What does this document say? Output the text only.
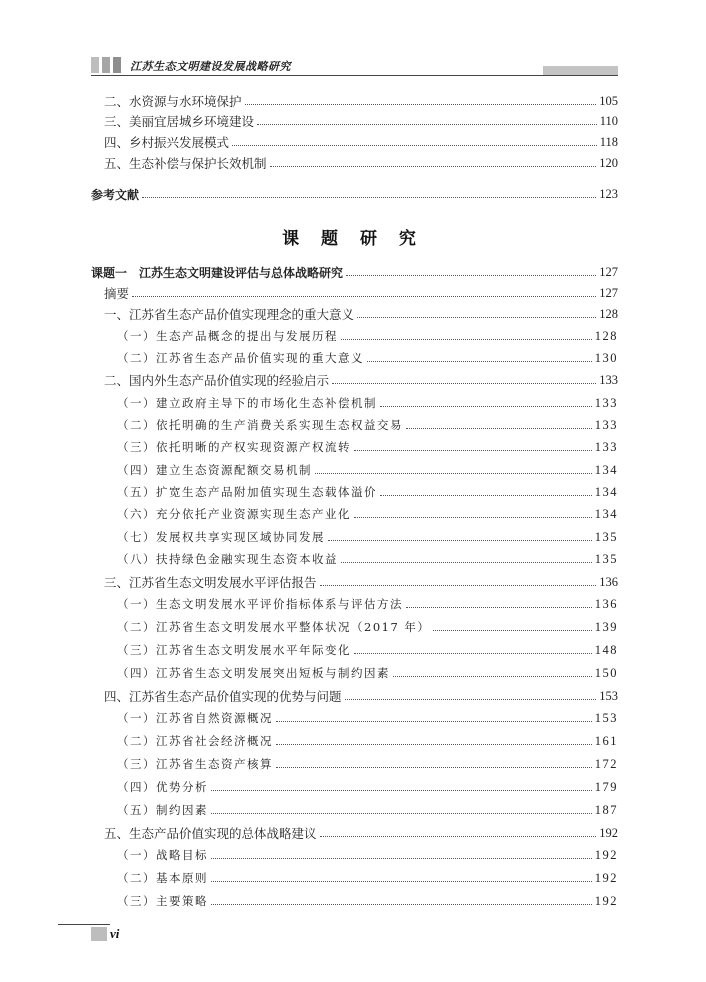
江苏生态文明建设发展战略研究
二、水资源与水环境保护	105
三、美丽宜居城乡环境建设	110
四、乡村振兴发展模式	118
五、生态补偿与保护长效机制	120
参考文献	123
课 题 研 究
课题一　江苏生态文明建设评估与总体战略研究	127
摘要	127
一、江苏省生态产品价值实现理念的重大意义	128
（一）生态产品概念的提出与发展历程	128
（二）江苏省生态产品价值实现的重大意义	130
二、国内外生态产品价值实现的经验启示	133
（一）建立政府主导下的市场化生态补偿机制	133
（二）依托明确的生产消费关系实现生态权益交易	133
（三）依托明晰的产权实现资源产权流转	133
（四）建立生态资源配额交易机制	134
（五）扩宽生态产品附加值实现生态载体溢价	134
（六）充分依托产业资源实现生态产业化	134
（七）发展权共享实现区域协同发展	135
（八）扶持绿色金融实现生态资本收益	135
三、江苏省生态文明发展水平评估报告	136
（一）生态文明发展水平评价指标体系与评估方法	136
（二）江苏省生态文明发展水平整体状况（2017 年）	139
（三）江苏省生态文明发展水平年际变化	148
（四）江苏省生态文明发展突出短板与制约因素	150
四、江苏省生态产品价值实现的优势与问题	153
（一）江苏省自然资源概况	153
（二）江苏省社会经济概况	161
（三）江苏省生态资产核算	172
（四）优势分析	179
（五）制约因素	187
五、生态产品价值实现的总体战略建议	192
（一）战略目标	192
（二）基本原则	192
（三）主要策略	192
vi
